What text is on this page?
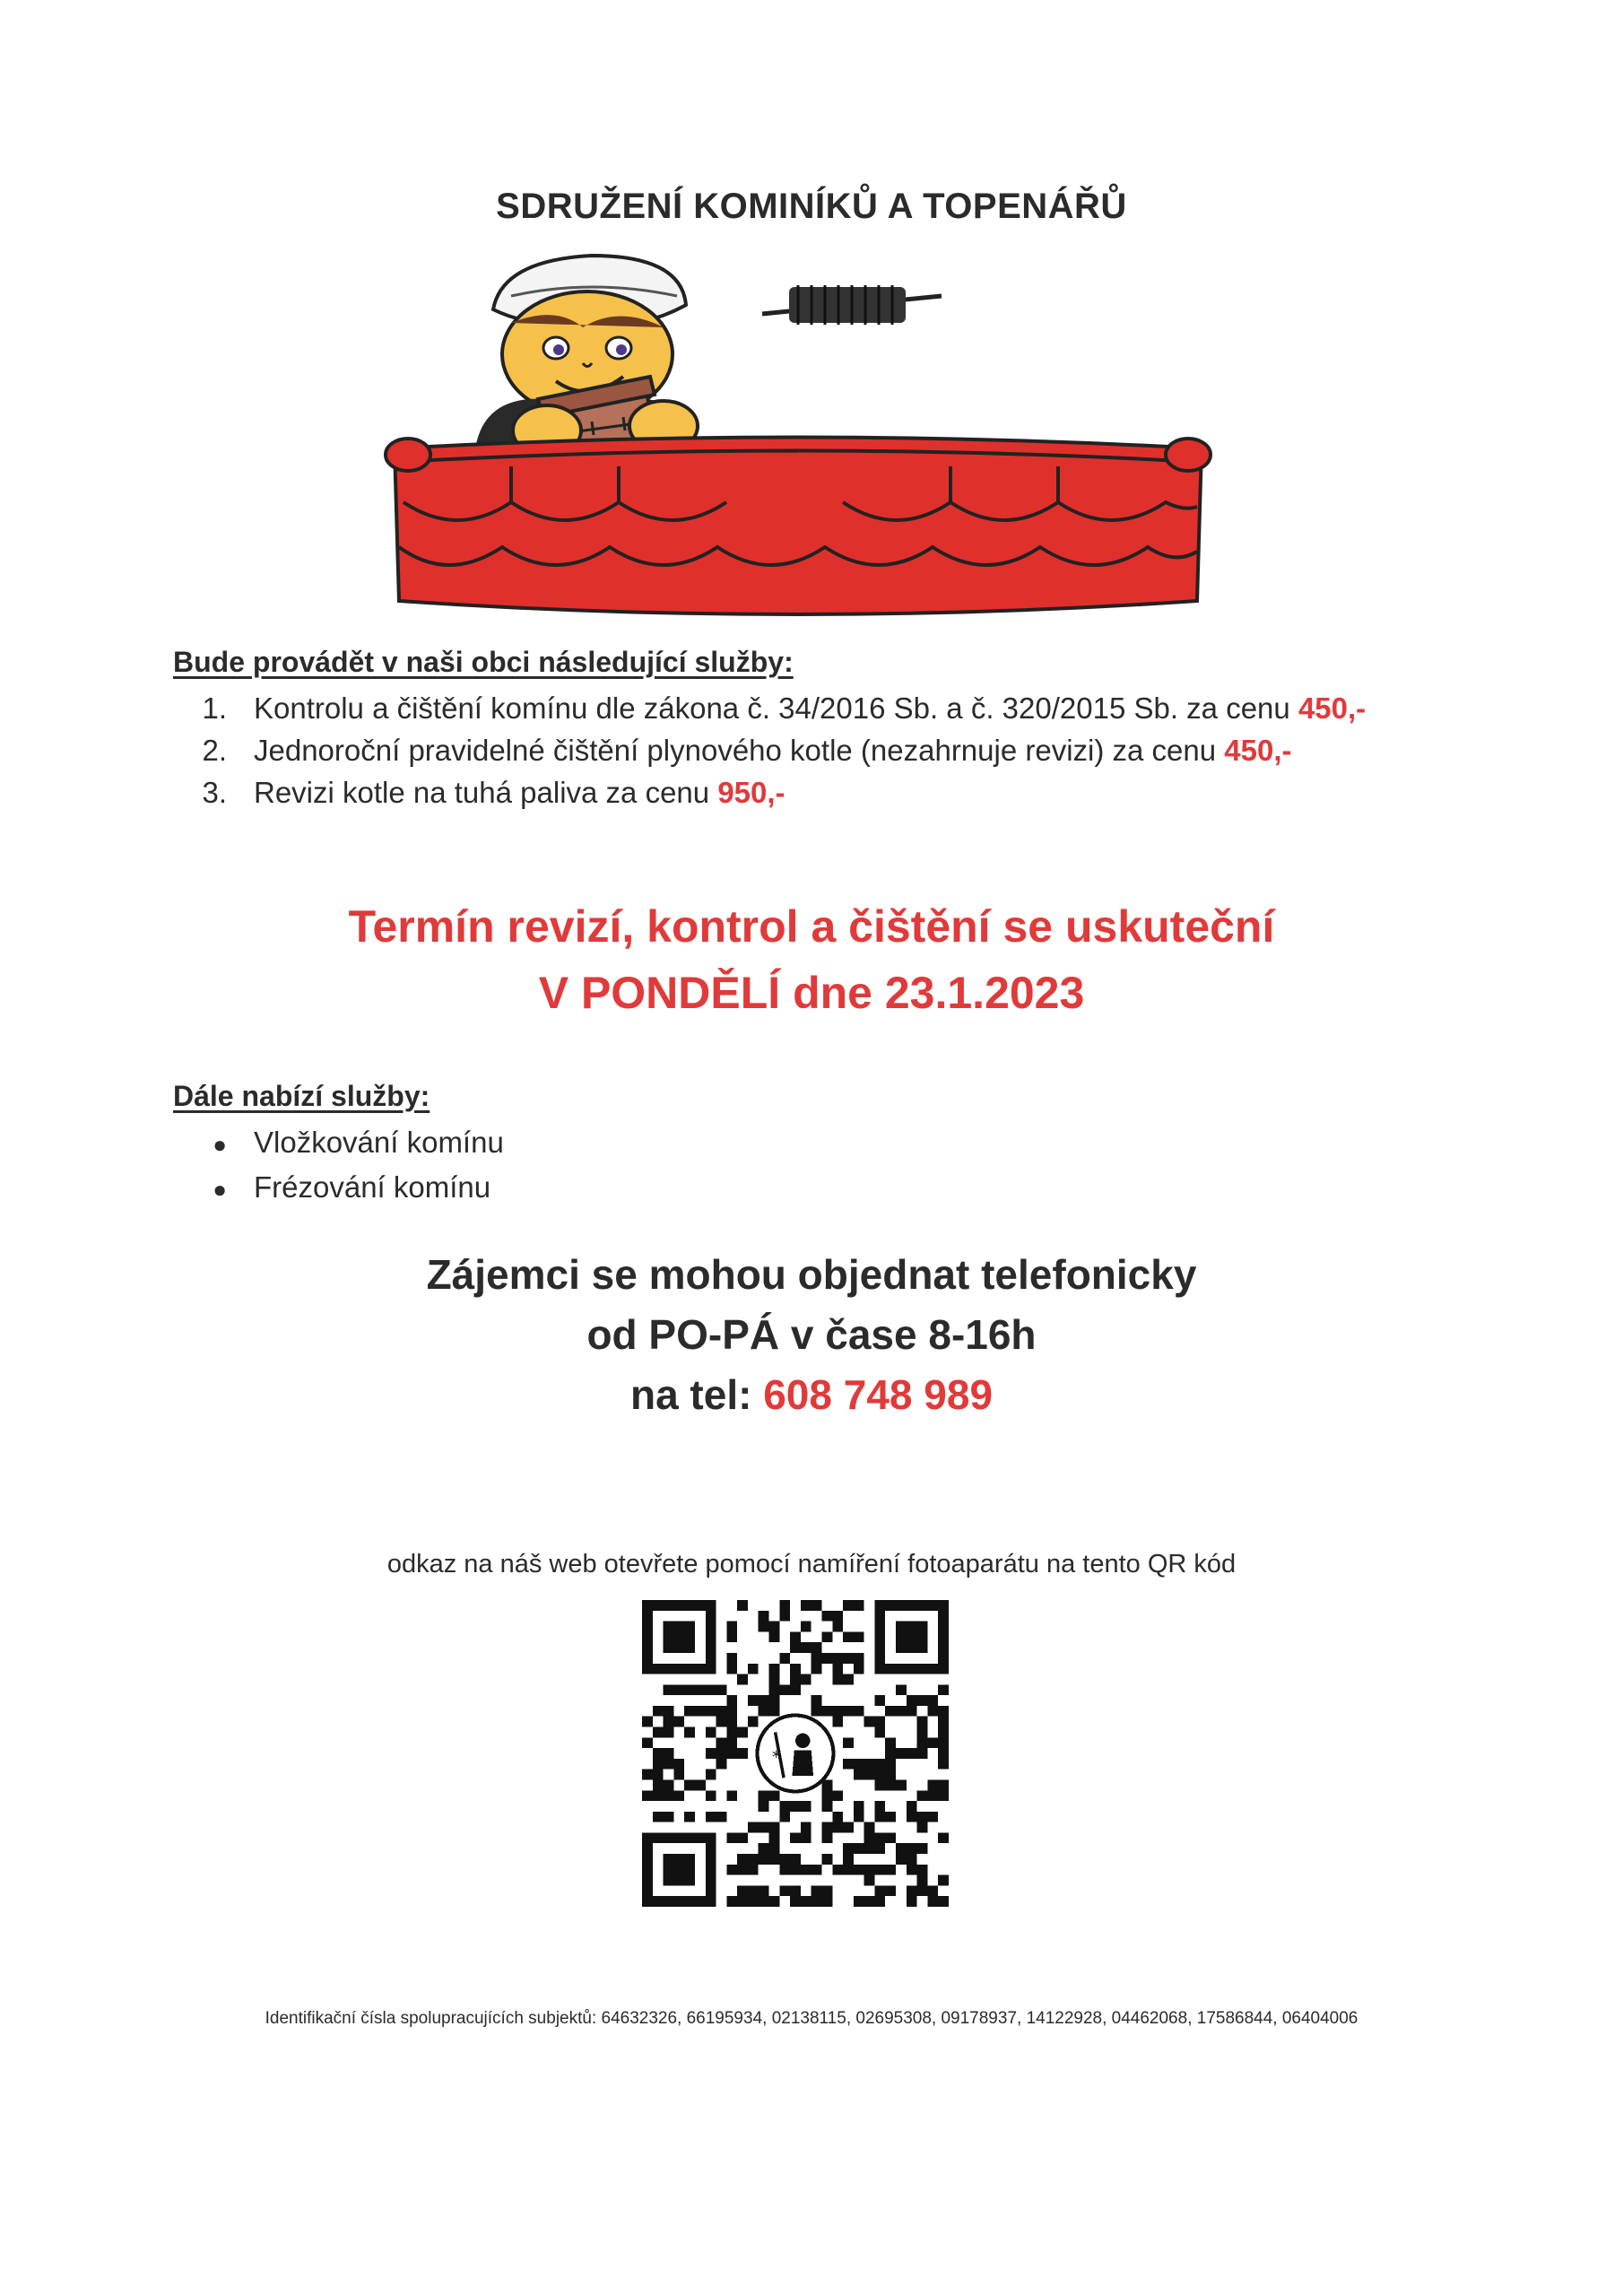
SDRUŽENÍ KOMINÍKŮ A TOPENÁŘŮ
Bude provádět v naši obci následující služby:
1. Kontrolu a čištění komínu dle zákona č. 34/2016 Sb. a č. 320/2015 Sb. za cenu 450,-
2. Jednoroční pravidelné čištění plynového kotle (nezahrnuje revizi) za cenu 450,-
3. Revizi kotle na tuhá paliva za cenu 950,-
Termín revizí, kontrol a čištění se uskuteční
V PONDĚLÍ dne 23.1.2023
Dále nabízí služby:
● Vložkování komínu
● Frézování komínu
Zájemci se mohou objednat telefonicky
od PO-PÁ v čase 8-16h
na tel: 608 748 989
odkaz na náš web otevřete pomocí namíření fotoaparátu na tento QR kód
*
Identifikační čísla spolupracujících subjektů: 64632326, 66195934, 02138115, 02695308, 09178937, 14122928, 04462068, 17586844, 06404006
